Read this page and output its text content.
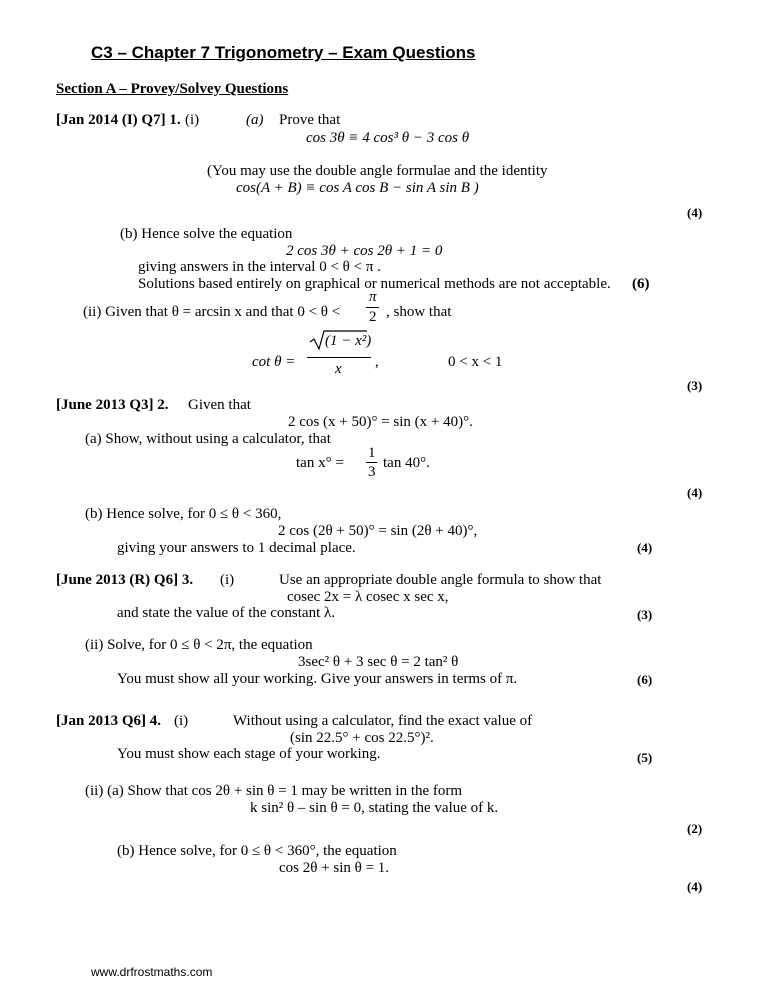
C3 – Chapter 7 Trigonometry – Exam Questions
Section A – Provey/Solvey Questions
[Jan 2014 (I) Q7] 1. (i)	(a) Prove that
cos 3θ ≡ 4 cos³ θ − 3 cos θ
(You may use the double angle formulae and the identity
cos(A + B) ≡ cos A cos B − sin A sin B )
(4)
(b) Hence solve the equation
2 cos 3θ + cos 2θ + 1 = 0
giving answers in the interval 0 < θ < π .
Solutions based entirely on graphical or numerical methods are not acceptable. (6)
(ii) Given that θ = arcsin x and that 0 < θ <
π
2 , show that
cot θ =
(1 − x²)
x ,	0 < x < 1
(3)
[June 2013 Q3] 2. Given that
2 cos (x + 50)° = sin (x + 40)°.
(a) Show, without using a calculator, that
tan x° =
1
3
tan 40°.
(4)
(b) Hence solve, for 0 ≤ θ < 360,
2 cos (2θ + 50)° = sin (2θ + 40)°,
giving your answers to 1 decimal place.	(4)
[June 2013 (R) Q6] 3. (i)	Use an appropriate double angle formula to show that
cosec 2x = λ cosec x sec x,
and state the value of the constant λ.	(3)
(ii) Solve, for 0 ≤ θ < 2π, the equation
3sec² θ + 3 sec θ = 2 tan² θ
You must show all your working. Give your answers in terms of π.	(6)
[Jan 2013 Q6] 4. (i)	Without using a calculator, find the exact value of
(sin 22.5° + cos 22.5°)².
You must show each stage of your working.	(5)
(ii) (a) Show that cos 2θ + sin θ = 1 may be written in the form
k sin² θ – sin θ = 0, stating the value of k.
(2)
(b) Hence solve, for 0 ≤ θ < 360°, the equation
cos 2θ + sin θ = 1.
(4)
www.drfrostmaths.com
